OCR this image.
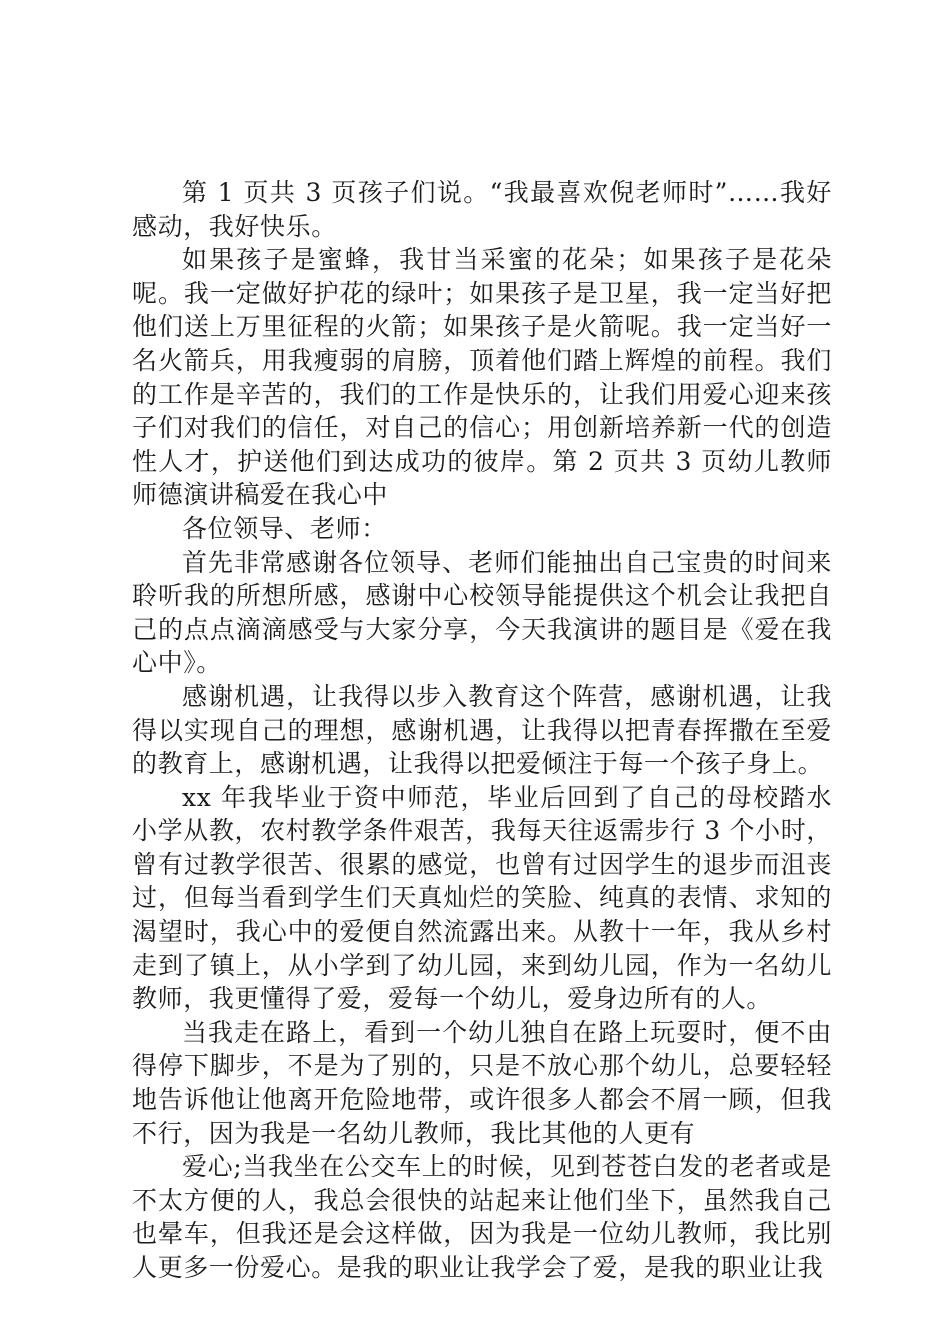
第 1 页共 3 页孩子们说。“我最喜欢倪老师时”……我好感动，我好快乐。

如果孩子是蜜蜂，我甘当采蜜的花朵；如果孩子是花朵呢。我一定做好护花的绿叶；如果孩子是卫星，我一定当好把他们送上万里征程的火箭；如果孩子是火箭呢。我一定当好一名火箭兵，用我瘦弱的肩膀，顶着他们踏上辉煌的前程。我们的工作是辛苦的，我们的工作是快乐的，让我们用爱心迎来孩子们对我们的信任，对自己的信心；用创新培养新一代的创造性人才，护送他们到达成功的彼岸。第 2 页共 3 页幼儿教师师德演讲稿爱在我心中

各位领导、老师：

首先非常感谢各位领导、老师们能抽出自己宝贵的时间来聆听我的所想所感，感谢中心校领导能提供这个机会让我把自己的点点滴滴感受与大家分享，今天我演讲的题目是《爱在我心中》。

感谢机遇，让我得以步入教育这个阵营，感谢机遇，让我得以实现自己的理想，感谢机遇，让我得以把青春挥撒在至爱的教育上，感谢机遇，让我得以把爱倾注于每一个孩子身上。

xx 年我毕业于资中师范，毕业后回到了自己的母校踏水小学从教，农村教学条件艰苦，我每天往返需步行 3 个小时，曾有过教学很苦、很累的感觉，也曾有过因学生的退步而沮丧过，但每当看到学生们天真灿烂的笑脸、纯真的表情、求知的渴望时，我心中的爱便自然流露出来。从教十一年，我从乡村走到了镇上，从小学到了幼儿园，来到幼儿园，作为一名幼儿教师，我更懂得了爱，爱每一个幼儿，爱身边所有的人。

当我走在路上，看到一个幼儿独自在路上玩耍时，便不由得停下脚步，不是为了别的，只是不放心那个幼儿，总要轻轻地告诉他让他离开危险地带，或许很多人都会不屑一顾，但我不行，因为我是一名幼儿教师，我比其他的人更有

爱心;当我坐在公交车上的时候，见到苍苍白发的老者或是不太方便的人，我总会很快的站起来让他们坐下，虽然我自己也晕车，但我还是会这样做，因为我是一位幼儿教师，我比别人更多一份爱心。是我的职业让我学会了爱，是我的职业让我
